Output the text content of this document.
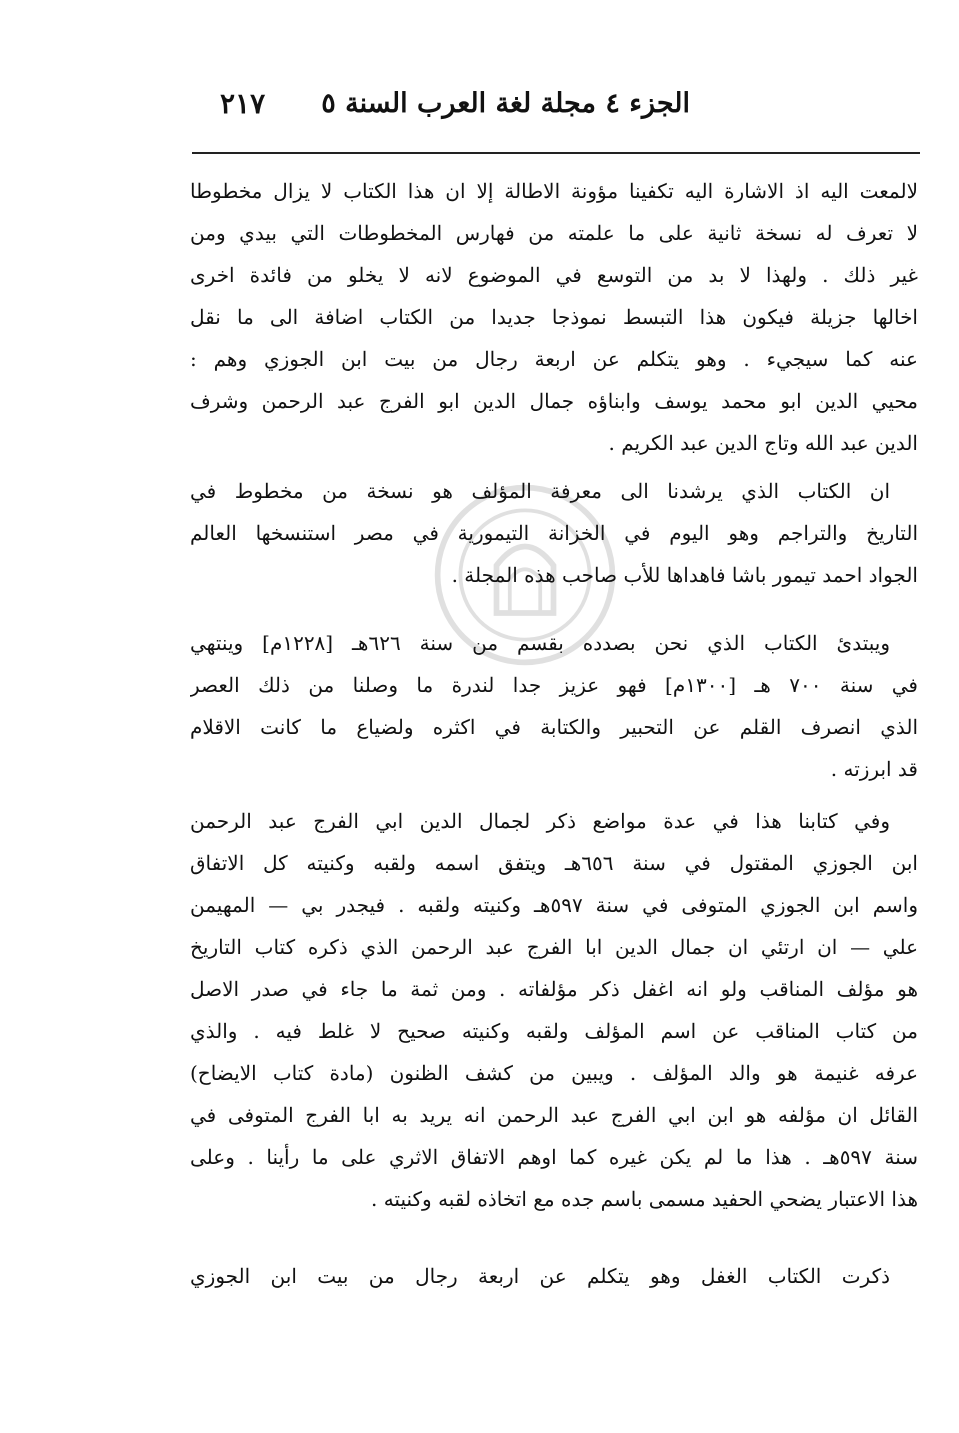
الجزء ٤ مجلة لغة العرب السنة ٥
٢١٧
لالمعت اليه اذ الاشارة اليه تكفينا مؤونة الاطالة إلا ان هذا الكتاب لا يزال مخطوطا
لا تعرف له نسخة ثانية على ما علمته من فهارس المخطوطات التي بيدي ومن
غير ذلك . ولهذا لا بد من التوسع في الموضوع لانه لا يخلو من فائدة اخرى
اخالها جزيلة فيكون هذا التبسط نموذجا جديدا من الكتاب اضافة الى ما نقل
عنه كما سيجيء . وهو يتكلم عن اربعة رجال من بيت ابن الجوزي وهم :
محيي الدين ابو محمد يوسف وابناؤه جمال الدين ابو الفرج عبد الرحمن وشرف
الدين عبد الله وتاج الدين عبد الكريم .
ان الكتاب الذي يرشدنا الى معرفة المؤلف هو نسخة من مخطوط في
التاريخ والتراجم وهو اليوم في الخزانة التيمورية في مصر استنسخها العالم
الجواد احمد تيمور باشا فاهداها للأب صاحب هذه المجلة .
ويبتدئ الكتاب الذي نحن بصدده بقسم من سنة ٦٢٦هـ [١٢٢٨م] وينتهي
في سنة ٧٠٠ هـ [١٣٠٠م] فهو عزيز جدا لندرة ما وصلنا من ذلك العصر
الذي انصرف القلم عن التحبير والكتابة في اكثره ولضياع ما كانت الاقلام
قد ابرزته .
وفي كتابنا هذا في عدة مواضع ذكر لجمال الدين ابي الفرج عبد الرحمن
ابن الجوزي المقتول في سنة ٦٥٦هـ ويتفق اسمه ولقبه وكنيته كل الاتفاق
واسم ابن الجوزي المتوفى في سنة ٥٩٧هـ وكنيته ولقبه . فيجدر بي — المهيمن
علي — ان ارتئي ان جمال الدين ابا الفرج عبد الرحمن الذي ذكره كتاب التاريخ
هو مؤلف المناقب ولو انه اغفل ذكر مؤلفاته . ومن ثمة ما جاء في صدر الاصل
من كتاب المناقب عن اسم المؤلف ولقبه وكنيته صحيح لا غلط فيه . والذي
عرفه غنيمة هو والد المؤلف . ويبين من كشف الظنون (مادة كتاب الايضاح)
القائل ان مؤلفه هو ابن ابي الفرج عبد الرحمن انه يريد به ابا الفرج المتوفى في
سنة ٥٩٧هـ . هذا ما لم يكن غيره كما اوهم الاتفاق الاثري على ما رأينا . وعلى
هذا الاعتبار يضحي الحفيد مسمى باسم جده مع اتخاذه لقبه وكنيته .
ذكرت الكتاب الغفل وهو يتكلم عن اربعة رجال من بيت ابن الجوزي
